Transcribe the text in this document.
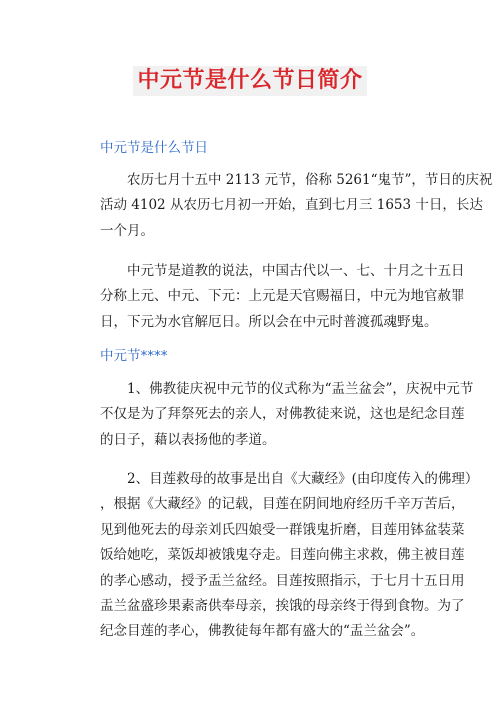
中元节是什么节日简介
中元节是什么节日

　　农历七月十五中 2113 元节，俗称 5261“鬼节”，节日的庆祝
活动 4102 从农历七月初一开始，直到七月三 1653 十日，长达
一个月。

　　中元节是道教的说法，中国古代以一、七、十月之十五日
分称上元、中元、下元：上元是天官赐福日，中元为地官赦罪
日，下元为水官解厄日。所以会在中元时普渡孤魂野鬼。

中元节****

　　1、佛教徒庆祝中元节的仪式称为“盂兰盆会”，庆祝中元节
不仅是为了拜祭死去的亲人，对佛教徒来说，这也是纪念目莲
的日子，藉以表扬他的孝道。

　　2、目莲救母的故事是出自《大藏经》(由印度传入的佛理）
，根据《大藏经》的记载，目莲在阴间地府经历千辛万苦后，
见到他死去的母亲刘氏四娘受一群饿鬼折磨，目莲用钵盆装菜
饭给她吃，菜饭却被饿鬼夺走。目莲向佛主求救，佛主被目莲
的孝心感动，授予盂兰盆经。目莲按照指示，于七月十五日用
盂兰盆盛珍果素斋供奉母亲，挨饿的母亲终于得到食物。为了
纪念目莲的孝心，佛教徒每年都有盛大的“盂兰盆会”。
